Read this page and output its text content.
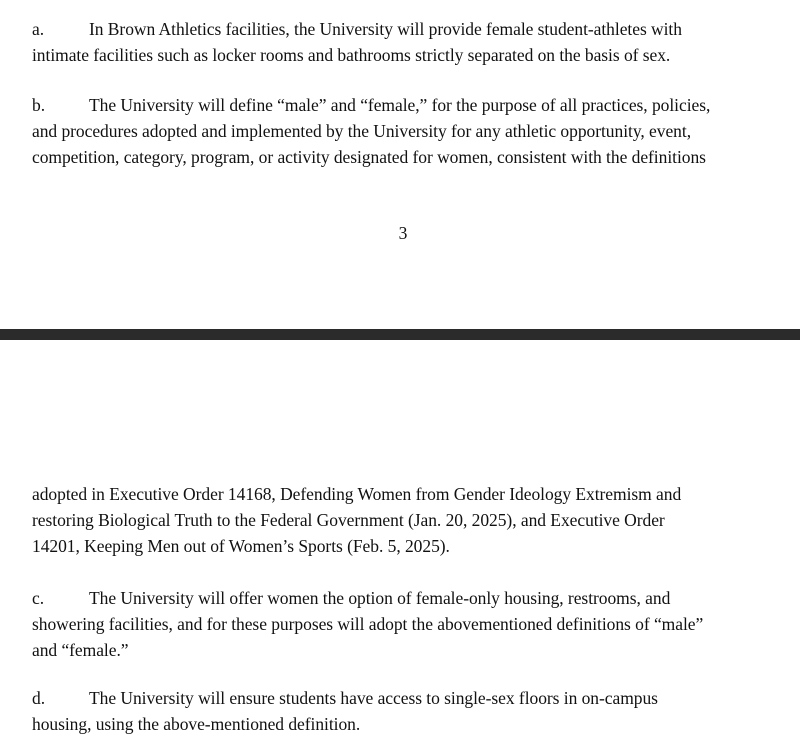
a.	In Brown Athletics facilities, the University will provide female student-athletes with
intimate facilities such as locker rooms and bathrooms strictly separated on the basis of sex.

b.	The University will define “male” and “female,” for the purpose of all practices, policies,
and procedures adopted and implemented by the University for any athletic opportunity, event,
competition, category, program, or activity designated for women, consistent with the definitions

3

adopted in Executive Order 14168, Defending Women from Gender Ideology Extremism and
restoring Biological Truth to the Federal Government (Jan. 20, 2025), and Executive Order
14201, Keeping Men out of Women’s Sports (Feb. 5, 2025).

c.	The University will offer women the option of female-only housing, restrooms, and
showering facilities, and for these purposes will adopt the abovementioned definitions of “male”
and “female.”

d.	The University will ensure students have access to single-sex floors in on-campus
housing, using the above-mentioned definition.
